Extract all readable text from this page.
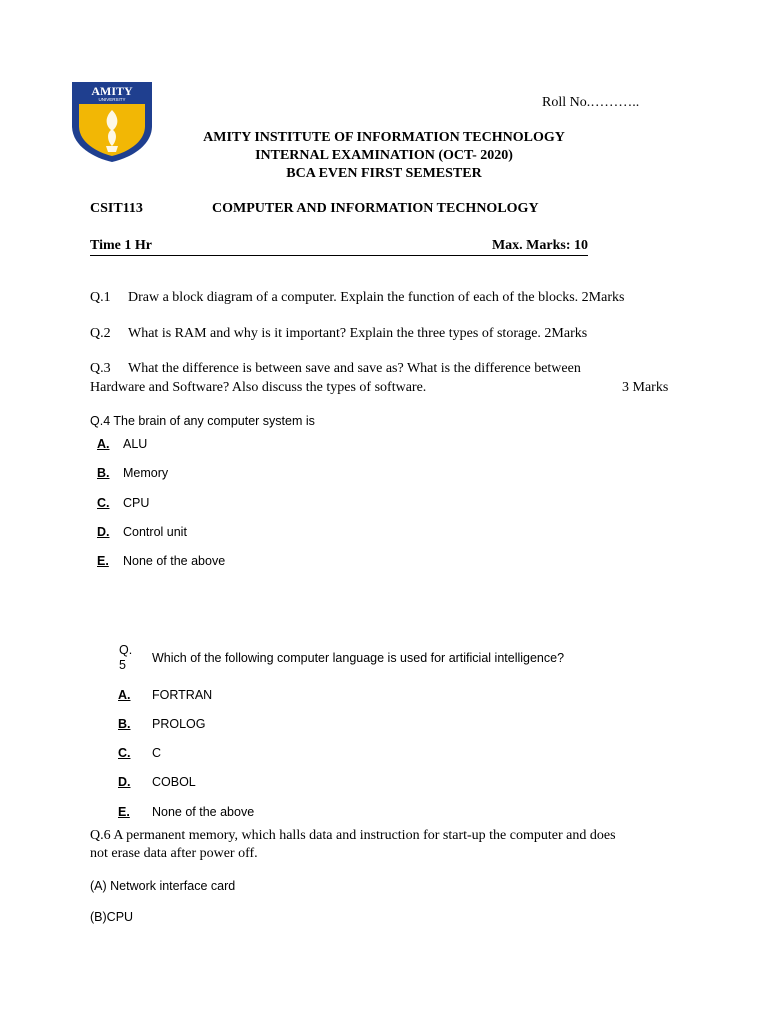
AMITY
UNIVERSITY	Roll No.………..
AMITY INSTITUTE OF INFORMATION TECHNOLOGY
INTERNAL EXAMINATION (OCT- 2020)
BCA EVEN FIRST SEMESTER
CSIT113	COMPUTER AND INFORMATION TECHNOLOGY
Time 1 Hr	Max. Marks: 10
Q.1 Draw a block diagram of a computer. Explain the function of each of the blocks. 2Marks
Q.2 What is RAM and why is it important? Explain the three types of storage. 2Marks
Q.3 What the difference is between save and save as? What is the difference between
Hardware and Software? Also discuss the types of software.	3 Marks
Q.4 The brain of any computer system is
A. ALU
B. Memory
C. CPU
D. Control unit
E. None of the above
Q. 5	Which of the following computer language is used for artificial intelligence?
A. FORTRAN
B. PROLOG
C. C
D. COBOL
E. None of the above
Q.6 A permanent memory, which halls data and instruction for start-up the computer and does
not erase data after power off.
(A) Network interface card
(B)CPU
